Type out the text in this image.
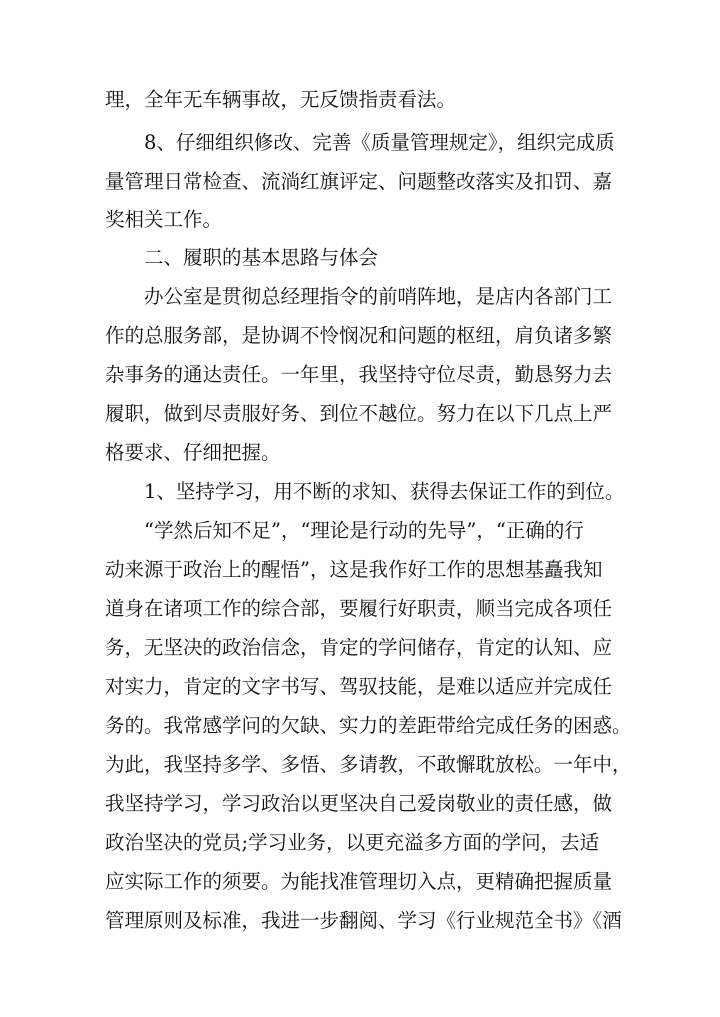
理，全年无车辆事故，无反馈指责看法。
8、仔细组织修改、完善《质量管理规定》，组织完成质
量管理日常检查、流淌红旗评定、问题整改落实及扣罚、嘉
奖相关工作。
二、履职的基本思路与体会
办公室是贯彻总经理指令的前哨阵地，是店内各部门工
作的总服务部，是协调不怜悯况和问题的枢纽，肩负诸多繁
杂事务的通达责任。一年里，我坚持守位尽责，勤恳努力去
履职，做到尽责服好务、到位不越位。努力在以下几点上严
格要求、仔细把握。
1、坚持学习，用不断的求知、获得去保证工作的到位。
“学然后知不足”，“理论是行动的先导”，“正确的行
动来源于政治上的醒悟”，这是我作好工作的思想基矗我知
道身在诸项工作的综合部，要履行好职责，顺当完成各项任
务，无坚决的政治信念，肯定的学问储存，肯定的认知、应
对实力，肯定的文字书写、驾驭技能，是难以适应并完成任
务的。我常感学问的欠缺、实力的差距带给完成任务的困惑。
为此，我坚持多学、多悟、多请教，不敢懈耽放松。一年中，
我坚持学习，学习政治以更坚决自己爱岗敬业的责任感，做
政治坚决的党员;学习业务，以更充溢多方面的学问，去适
应实际工作的须要。为能找准管理切入点，更精确把握质量
管理原则及标准，我进一步翻阅、学习《行业规范全书》《酒
